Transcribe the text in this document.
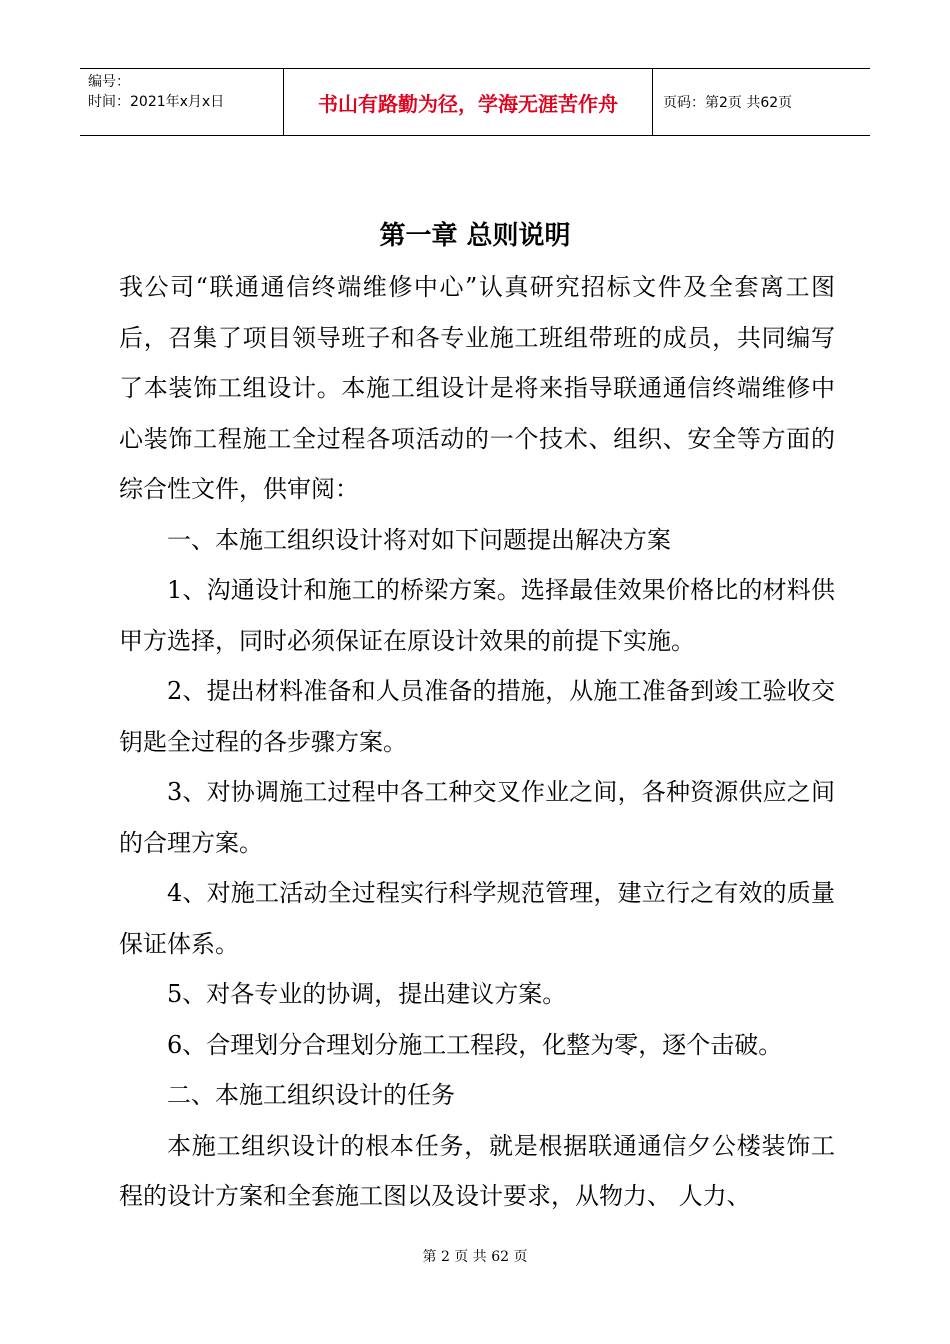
编号：
时间：2021年x月x日	书山有路勤为径，学海无涯苦作舟	页码：第2页 共62页
第一章 总则说明

我公司“联通通信终端维修中心”认真研究招标文件及全套离工图后，召集了项目领导班子和各专业施工班组带班的成员，共同编写了本装饰工组设计。本施工组设计是将来指导联通通信终端维修中心装饰工程施工全过程各项活动的一个技术、组织、安全等方面的综合性文件，供审阅：

一、本施工组织设计将对如下问题提出解决方案

1、沟通设计和施工的桥梁方案。选择最佳效果价格比的材料供甲方选择，同时必须保证在原设计效果的前提下实施。

2、提出材料准备和人员准备的措施，从施工准备到竣工验收交钥匙全过程的各步骤方案。

3、对协调施工过程中各工种交叉作业之间，各种资源供应之间的合理方案。

4、对施工活动全过程实行科学规范管理，建立行之有效的质量保证体系。

5、对各专业的协调，提出建议方案。

6、合理划分合理划分施工工程段，化整为零，逐个击破。

二、本施工组织设计的任务

本施工组织设计的根本任务，就是根据联通通信夕公楼装饰工程的设计方案和全套施工图以及设计要求，从物力、 人力、

第 2 页 共 62 页
